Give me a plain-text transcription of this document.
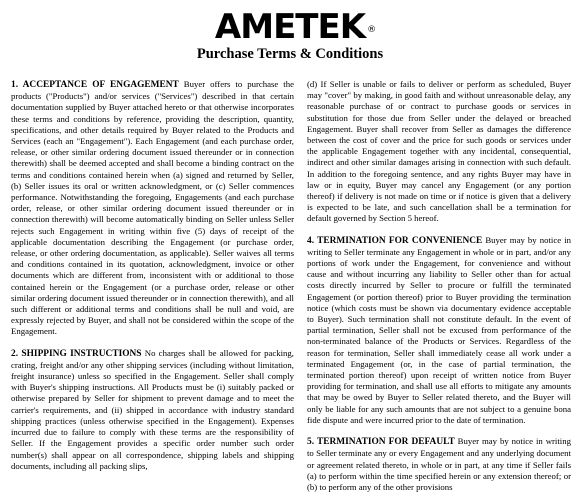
AMETEK ®
Purchase Terms & Conditions

1. ACCEPTANCE OF ENGAGEMENT Buyer offers to purchase the products ("Products") and/or services ("Services") described in that certain documentation supplied by Buyer attached hereto or that otherwise incorporates these terms and conditions by reference, providing the description, quantity, specifications, and other details required by Buyer related to the Products and Services (each an "Engagement"). Each Engagement (and each purchase order, release, or other similar ordering document issued thereunder or in connection therewith) shall be deemed accepted and shall become a binding contract on the terms and conditions contained herein when (a) signed and returned by Seller, (b) Seller issues its oral or written acknowledgment, or (c) Seller commences performance. Notwithstanding the foregoing, Engagements (and each purchase order, release, or other similar ordering document issued thereunder or in connection therewith) will become automatically binding on Seller unless Seller rejects such Engagement in writing within five (5) days of receipt of the applicable documentation describing the Engagement (or purchase order, release, or other ordering documentation, as applicable). Seller waives all terms and conditions contained in its quotation, acknowledgment, invoice or other documents which are different from, inconsistent with or additional to those contained herein or the Engagement (or a purchase order, release or other similar ordering document issued thereunder or in connection therewith), and all such different or additional terms and conditions shall be null and void, are expressly rejected by Buyer, and shall not be considered within the scope of the Engagement.

2. SHIPPING INSTRUCTIONS No charges shall be allowed for packing, crating, freight and/or any other shipping services (including without limitation, freight insurance) unless so specified in the Engagement. Seller shall comply with Buyer's shipping instructions. All Products must be (i) suitably packed or otherwise prepared by Seller for shipment to prevent damage and to meet the carrier's requirements, and (ii) shipped in accordance with industry standard shipping practices (unless otherwise specified in the Engagement). Expenses incurred due to failure to comply with these terms are the responsibility of Seller. If the Engagement provides a specific order number such order number(s) shall appear on all correspondence, shipping labels and shipping documents, including all packing slips,

(d) If Seller is unable or fails to deliver or perform as scheduled, Buyer may "cover" by making, in good faith and without unreasonable delay, any reasonable purchase of or contract to purchase goods or services in substitution for those due from Seller under the delayed or breached Engagement. Buyer shall recover from Seller as damages the difference between the cost of cover and the price for such goods or services under the applicable Engagement together with any incidental, consequential, indirect and other similar damages arising in connection with such default. In addition to the foregoing sentence, and any rights Buyer may have in law or in equity, Buyer may cancel any Engagement (or any portion thereof) if delivery is not made on time or if notice is given that a delivery is expected to be late, and such cancellation shall be a termination for default governed by Section 5 hereof.

4. TERMINATION FOR CONVENIENCE Buyer may by notice in writing to Seller terminate any Engagement in whole or in part, and/or any portions of work under the Engagement, for convenience and without cause and without incurring any liability to Seller other than for actual costs directly incurred by Seller to procure or fulfill the terminated Engagement (or portion thereof) prior to Buyer providing the termination notice (which costs must be shown via documentary evidence acceptable to Buyer). Such termination shall not constitute default. In the event of partial termination, Seller shall not be excused from performance of the non-terminated balance of the Products or Services. Regardless of the reason for termination, Seller shall immediately cease all work under a terminated Engagement (or, in the case of partial termination, the terminated portion thereof) upon receipt of written notice from Buyer providing for termination, and shall use all efforts to mitigate any amounts that may be owed by Buyer to Seller related thereto, and the Buyer will only be liable for any such amounts that are not subject to a genuine bona fide dispute and were incurred prior to the date of termination.

5. TERMINATION FOR DEFAULT Buyer may by notice in writing to Seller terminate any or every Engagement and any underlying document or agreement related thereto, in whole or in part, at any time if Seller fails (a) to perform within the time specified herein or any extension thereof; or (b) to perform any of the other provisions
